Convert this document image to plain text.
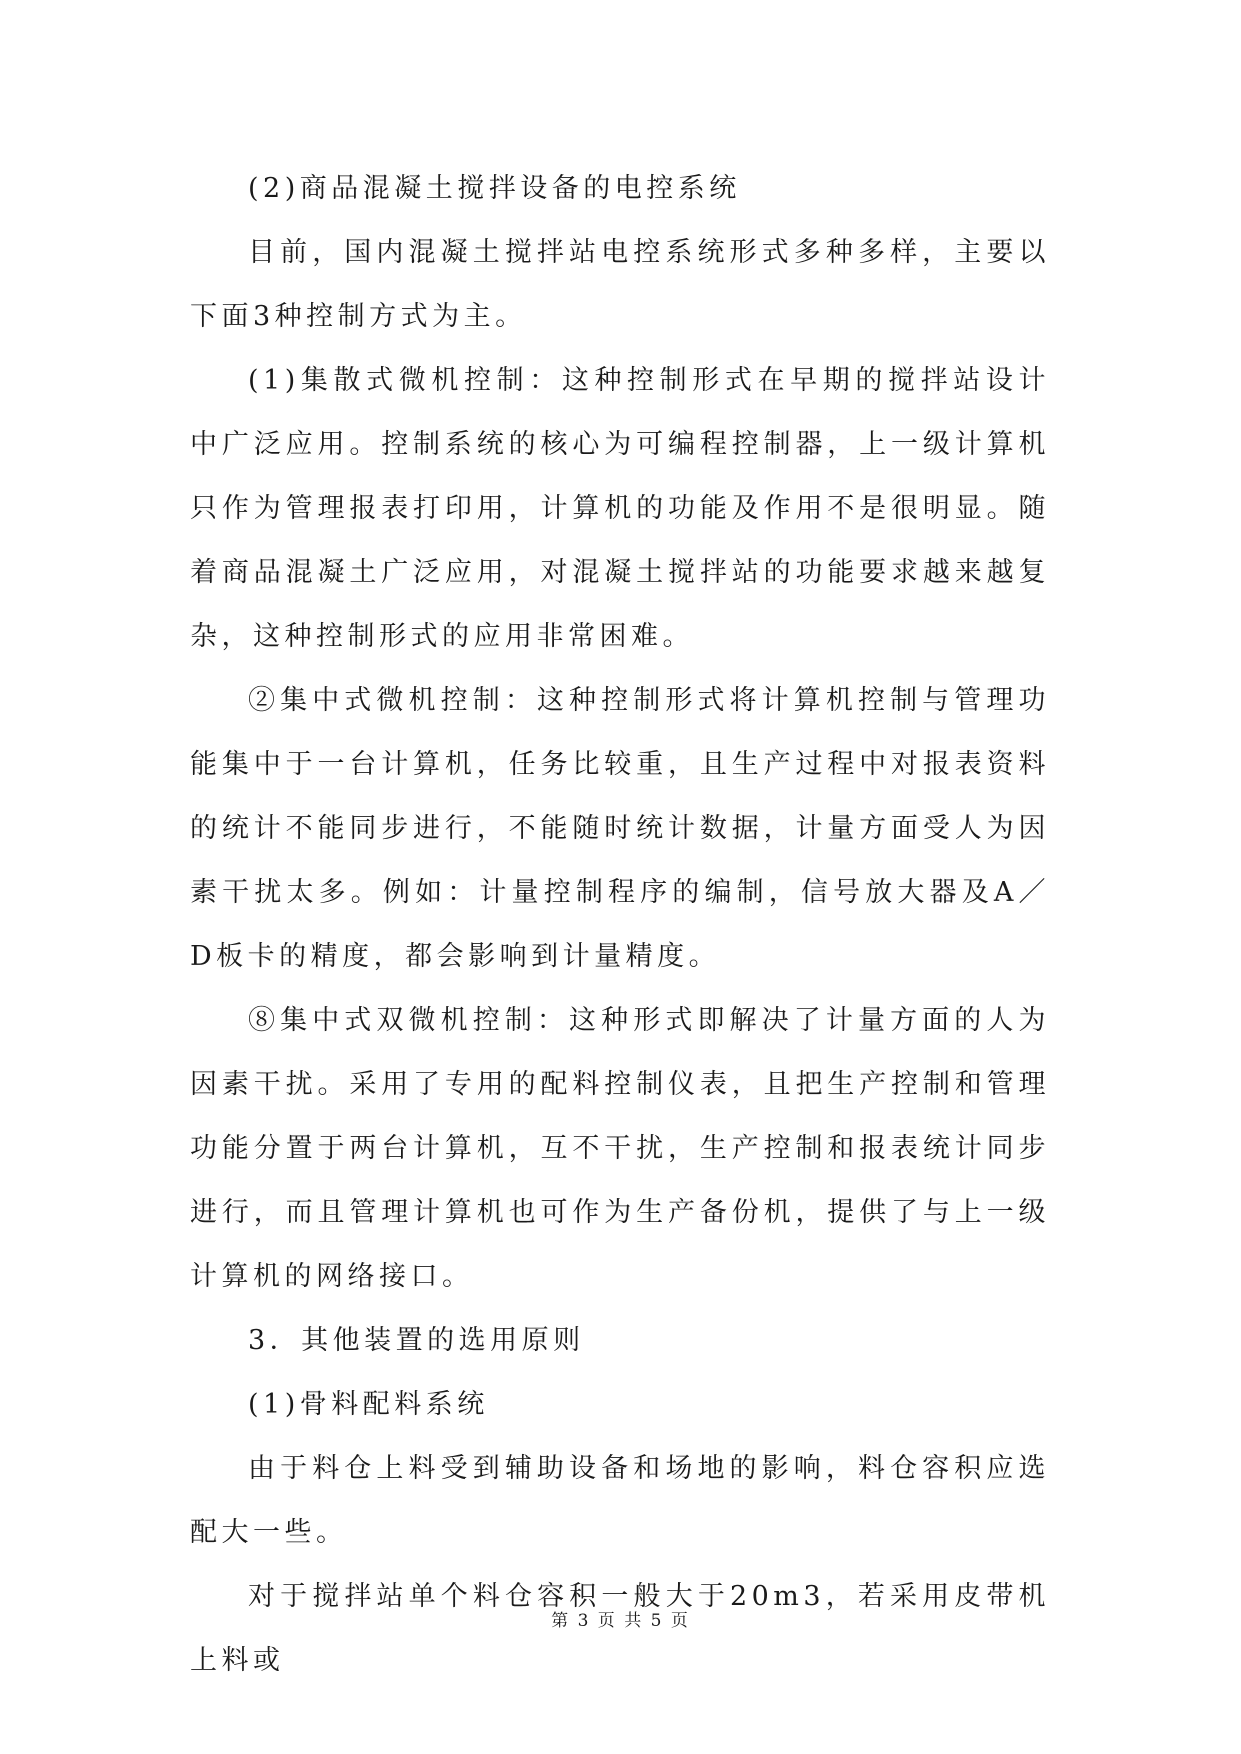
(2)商品混凝土搅拌设备的电控系统

目前，国内混凝土搅拌站电控系统形式多种多样，主要以下面3种控制方式为主。

(1)集散式微机控制：这种控制形式在早期的搅拌站设计中广泛应用。控制系统的核心为可编程控制器，上一级计算机只作为管理报表打印用，计算机的功能及作用不是很明显。随着商品混凝土广泛应用，对混凝土搅拌站的功能要求越来越复杂，这种控制形式的应用非常困难。

②集中式微机控制：这种控制形式将计算机控制与管理功能集中于一台计算机，任务比较重，且生产过程中对报表资料的统计不能同步进行，不能随时统计数据，计量方面受人为因素干扰太多。例如：计量控制程序的编制，信号放大器及A／D板卡的精度，都会影响到计量精度。

⑧集中式双微机控制：这种形式即解决了计量方面的人为因素干扰。采用了专用的配料控制仪表，且把生产控制和管理功能分置于两台计算机，互不干扰，生产控制和报表统计同步进行，而且管理计算机也可作为生产备份机，提供了与上一级计算机的网络接口。

3．其他装置的选用原则

(1)骨料配料系统

由于料仓上料受到辅助设备和场地的影响，料仓容积应选配大一些。

对于搅拌站单个料仓容积一般大于20m3，若采用皮带机上料或

第 3 页 共 5 页
